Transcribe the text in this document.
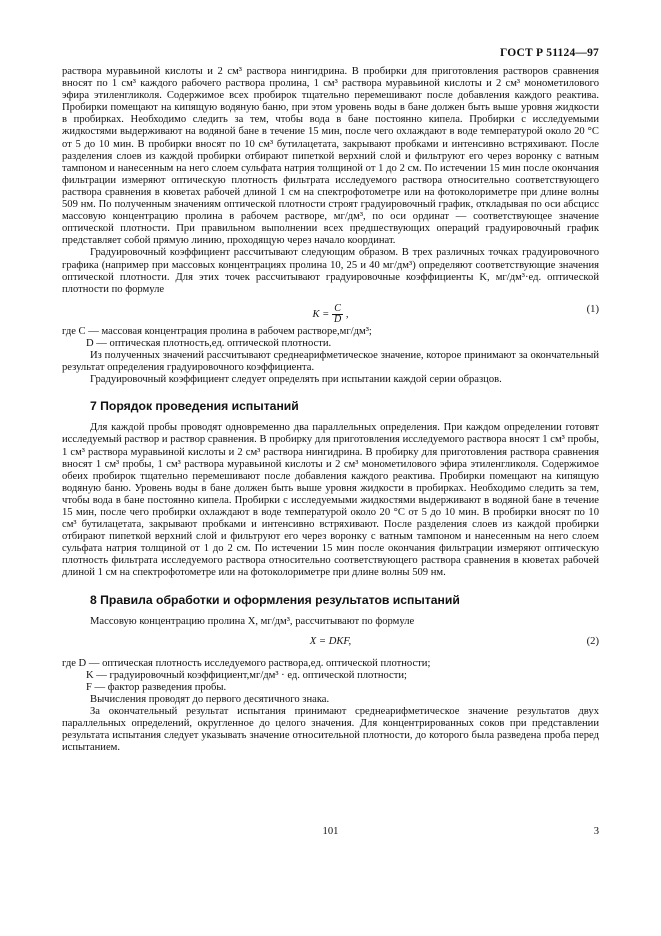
ГОСТ Р 51124—97

раствора муравьиной кислоты и 2 см³ раствора нингидрина. В пробирки для приготовления растворов сравнения вносят по 1 см³ каждого рабочего раствора пролина, 1 см³ раствора муравьиной кислоты и 2 см³ монометилового эфира этиленгликоля. Содержимое всех пробирок тщательно перемешивают после добавления каждого реактива. Пробирки помещают на кипящую водяную баню, при этом уровень воды в бане должен быть выше уровня жидкости в пробирках. Необходимо следить за тем, чтобы вода в бане постоянно кипела. Пробирки с исследуемыми жидкостями выдерживают на водяной бане в течение 15 мин, после чего охлаждают в воде температурой около 20 °С от 5 до 10 мин. В пробирки вносят по 10 см³ бутилацетата, закрывают пробками и интенсивно встряхивают. После разделения слоев из каждой пробирки отбирают пипеткой верхний слой и фильтруют его через воронку с ватным тампоном и нанесенным на него слоем сульфата натрия толщиной от 1 до 2 см. По истечении 15 мин после окончания фильтрации измеряют оптическую плотность фильтрата исследуемого раствора относительно соответствующего раствора сравнения в кюветах рабочей длиной 1 см на спектрофотометре или на фотоколориметре при длине волны 509 нм. По полученным значениям оптической плотности строят градуировочный график, откладывая по оси абсцисс массовую концентрацию пролина в рабочем растворе, мг/дм³, по оси ординат — соответствующее значение оптической плотности. При правильном выполнении всех предшествующих операций градуировочный график представляет собой прямую линию, проходящую через начало координат.

Градуировочный коэффициент рассчитывают следующим образом. В трех различных точках градуировочного графика (например при массовых концентрациях пролина 10, 25 и 40 мг/дм³) определяют соответствующие значения оптической плотности. Для этих точек рассчитывают градуировочные коэффициенты K, мг/дм³·ед. оптической плотности по формуле

$K = \frac{C}{D}$ ,	(1)
где C — массовая концентрация пролина в рабочем растворе,мг/дм³;
D — оптическая плотность,ед. оптической плотности.

Из полученных значений рассчитывают среднеарифметическое значение, которое принимают за окончательный результат определения градуировочного коэффициента.

Градуировочный коэффициент следует определять при испытании каждой серии образцов.

7 Порядок проведения испытаний

Для каждой пробы проводят одновременно два параллельных определения. При каждом определении готовят исследуемый раствор и раствор сравнения. В пробирку для приготовления исследуемого раствора вносят 1 см³ пробы, 1 см³ раствора муравьиной кислоты и 2 см³ раствора нингидрина. В пробирку для приготовления раствора сравнения вносят 1 см³ пробы, 1 см³ раствора муравьиной кислоты и 2 см³ монометилового эфира этиленгликоля. Содержимое обеих пробирок тщательно перемешивают после добавления каждого реактива. Пробирки помещают на кипящую водяную баню. Уровень воды в бане должен быть выше уровня жидкости в пробирках. Необходимо следить за тем, чтобы вода в бане постоянно кипела. Пробирки с исследуемыми жидкостями выдерживают в водяной бане в течение 15 мин, после чего пробирки охлаждают в воде температурой около 20 °С от 5 до 10 мин. В пробирки вносят по 10 см³ бутилацетата, закрывают пробками и интенсивно встряхивают. После разделения слоев из каждой пробирки отбирают пипеткой верхний слой и фильтруют его через воронку с ватным тампоном и нанесенным на него слоем сульфата натрия толщиной от 1 до 2 см. По истечении 15 мин после окончания фильтрации измеряют оптическую плотность фильтрата исследуемого раствора относительно соответствующего раствора сравнения в кюветах рабочей длиной 1 см на спектрофотометре или на фотоколориметре при длине волны 509 нм.

8 Правила обработки и оформления результатов испытаний

Массовую концентрацию пролина X, мг/дм³, рассчитывают по формуле

X = DKF,	(2)
где D — оптическая плотность исследуемого раствора,ед. оптической плотности;
K — градуировочный коэффициент,мг/дм³ · ед. оптической плотности;
F — фактор разведения пробы.

Вычисления проводят до первого десятичного знака.

За окончательный результат испытания принимают среднеарифметическое значение результатов двух параллельных определений, округленное до целого значения. Для концентрированных соков при представлении результата испытания следует указывать значение относительной плотности, до которого была разведена проба перед испытанием.

101	3
